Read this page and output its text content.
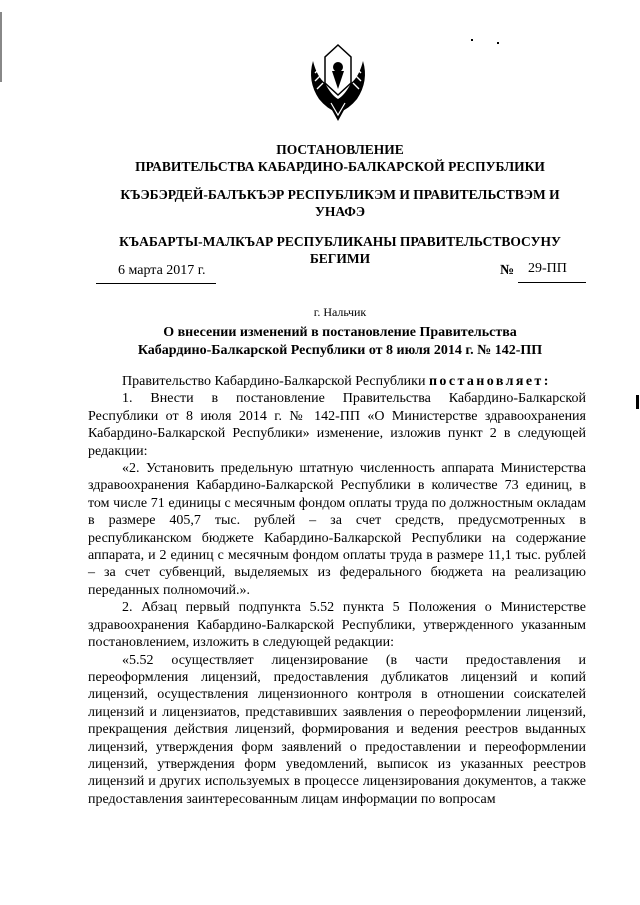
ПОСТАНОВЛЕНИЕ
ПРАВИТЕЛЬСТВА КАБАРДИНО-БАЛКАРСКОЙ РЕСПУБЛИКИ
КЪЭБЭРДЕЙ-БАЛЪКЪЭР РЕСПУБЛИКЭМ И ПРАВИТЕЛЬСТВЭМ И
УНАФЭ
КЪАБАРТЫ-МАЛКЪАР РЕСПУБЛИКАНЫ ПРАВИТЕЛЬСТВОСУНУ
БЕГИМИ
6 марта 2017 г.	№ 29-ПП
г. Нальчик
О внесении изменений в постановление Правительства
Кабардино-Балкарской Республики от 8 июля 2014 г. № 142-ПП

Правительство Кабардино-Балкарской Республики постановляет:

1. Внести в постановление Правительства Кабардино-Балкарской Республики от 8 июля 2014 г. № 142-ПП «О Министерстве здравоохранения Кабардино-Балкарской Республики» изменение, изложив пункт 2 в следующей редакции:

«2. Установить предельную штатную численность аппарата Министерства здравоохранения Кабардино-Балкарской Республики в количестве 73 единиц, в том числе 71 единицы с месячным фондом оплаты труда по должностным окладам в размере 405,7 тыс. рублей – за счет средств, предусмотренных в республиканском бюджете Кабардино-Балкарской Республики на содержание аппарата, и 2 единиц с месячным фондом оплаты труда в размере 11,1 тыс. рублей – за счет субвенций, выделяемых из федерального бюджета на реализацию переданных полномочий.».

2. Абзац первый подпункта 5.52 пункта 5 Положения о Министерстве здравоохранения Кабардино-Балкарской Республики, утвержденного указанным постановлением, изложить в следующей редакции:

«5.52 осуществляет лицензирование (в части предоставления и переоформления лицензий, предоставления дубликатов лицензий и копий лицензий, осуществления лицензионного контроля в отношении соискателей лицензий и лицензиатов, представивших заявления о переоформлении лицензий, прекращения действия лицензий, формирования и ведения реестров выданных лицензий, утверждения форм заявлений о предоставлении и переоформлении лицензий, утверждения форм уведомлений, выписок из указанных реестров лицензий и других используемых в процессе лицензирования документов, а также предоставления заинтересованным лицам информации по вопросам
